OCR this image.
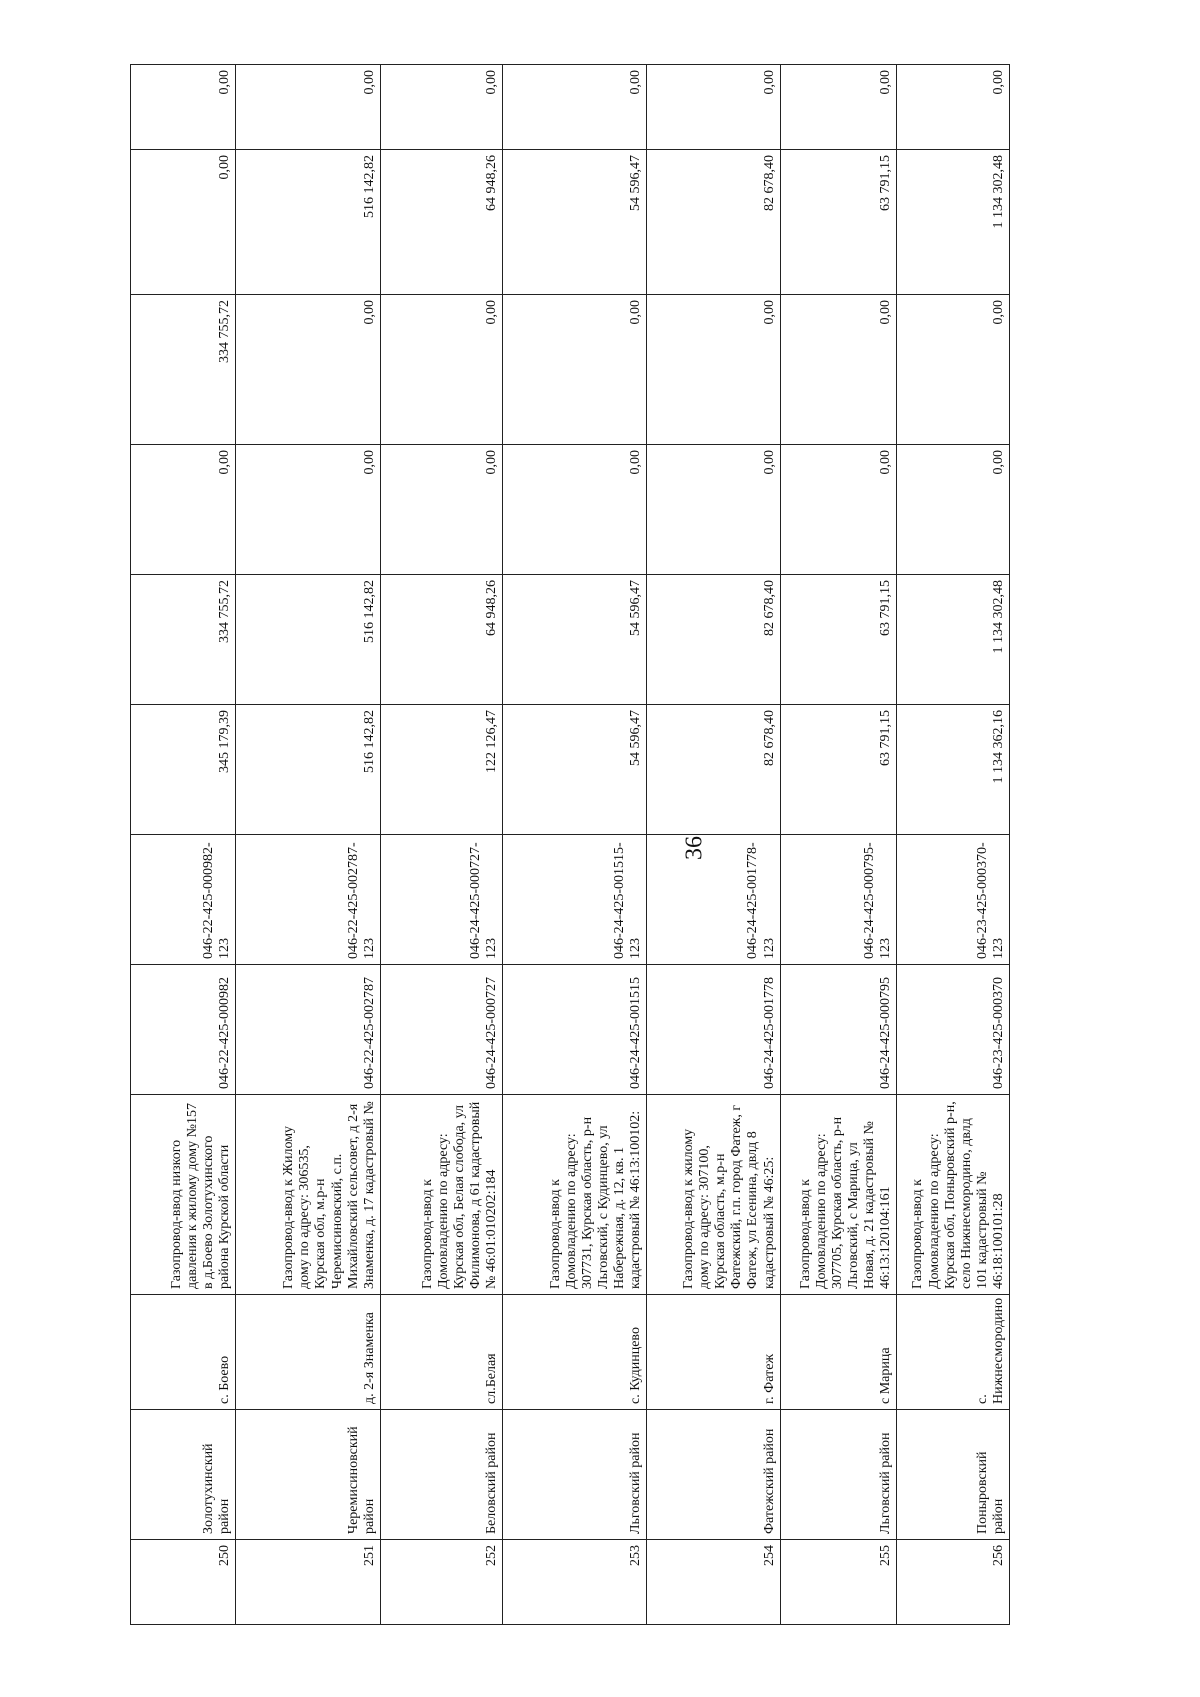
36
250	Золотухинский район	с. Боево	Газопровод-ввод низкого давления к жилому дому №157 в д.Боево Золотухинского района Курской области	046-22-425-000982	046-22-425-000982-123	345 179,39	334 755,72	0,00	334 755,72	0,00	0,00
251	Черемисиновский район	д. 2-я Знаменка	Газопровод-ввод к Жилому дому по адресу: 306535, Курская обл, м.р-н Черемисиновский, с.п. Михайловский сельсовет, д 2-я Знаменка, д. 17 кадастровый №	046-22-425-002787	046-22-425-002787-123	516 142,82	516 142,82	0,00	0,00	516 142,82	0,00
252	Беловский район	сл.Белая	Газопровод-ввод к Домовладению по адресу: Курская обл, Белая слобода, ул Филимонова, д 61 кадастровый № 46:01:010202:184	046-24-425-000727	046-24-425-000727-123	122 126,47	64 948,26	0,00	0,00	64 948,26	0,00
253	Льговский район	с. Кудинцево	Газопровод-ввод к Домовладению по адресу: 307731, Курская область, р-н Льговский, с Кудинцево, ул Набережная, д. 12, кв. 1 кадастровый № 46:13:100102:	046-24-425-001515	046-24-425-001515-123	54 596,47	54 596,47	0,00	0,00	54 596,47	0,00
254	Фатежский район	г. Фатеж	Газопровод-ввод к жилому дому по адресу: 307100, Курская область, м.р-н Фатежский, г.п. город Фатеж, г Фатеж, ул Есенина, двлд 8 кадастровый № 46:25:	046-24-425-001778	046-24-425-001778-123	82 678,40	82 678,40	0,00	0,00	82 678,40	0,00
255	Льговский район	с Марица	Газопровод-ввод к Домовладению по адресу: 307705, Курская область, р-н Льговский, с Марица, ул Новая, д. 21 кадастровый № 46:13:120104:161	046-24-425-000795	046-24-425-000795-123	63 791,15	63 791,15	0,00	0,00	63 791,15	0,00
256	Поныровский район	с. Нижнесмородино	Газопровод-ввод к Домовладению по адресу: Курская обл, Поныровский р-н, село Нижнесмородино, двлд 101 кадастровый № 46:18:100101:28	046-23-425-000370	046-23-425-000370-123	1 134 362,16	1 134 302,48	0,00	0,00	1 134 302,48	0,00
